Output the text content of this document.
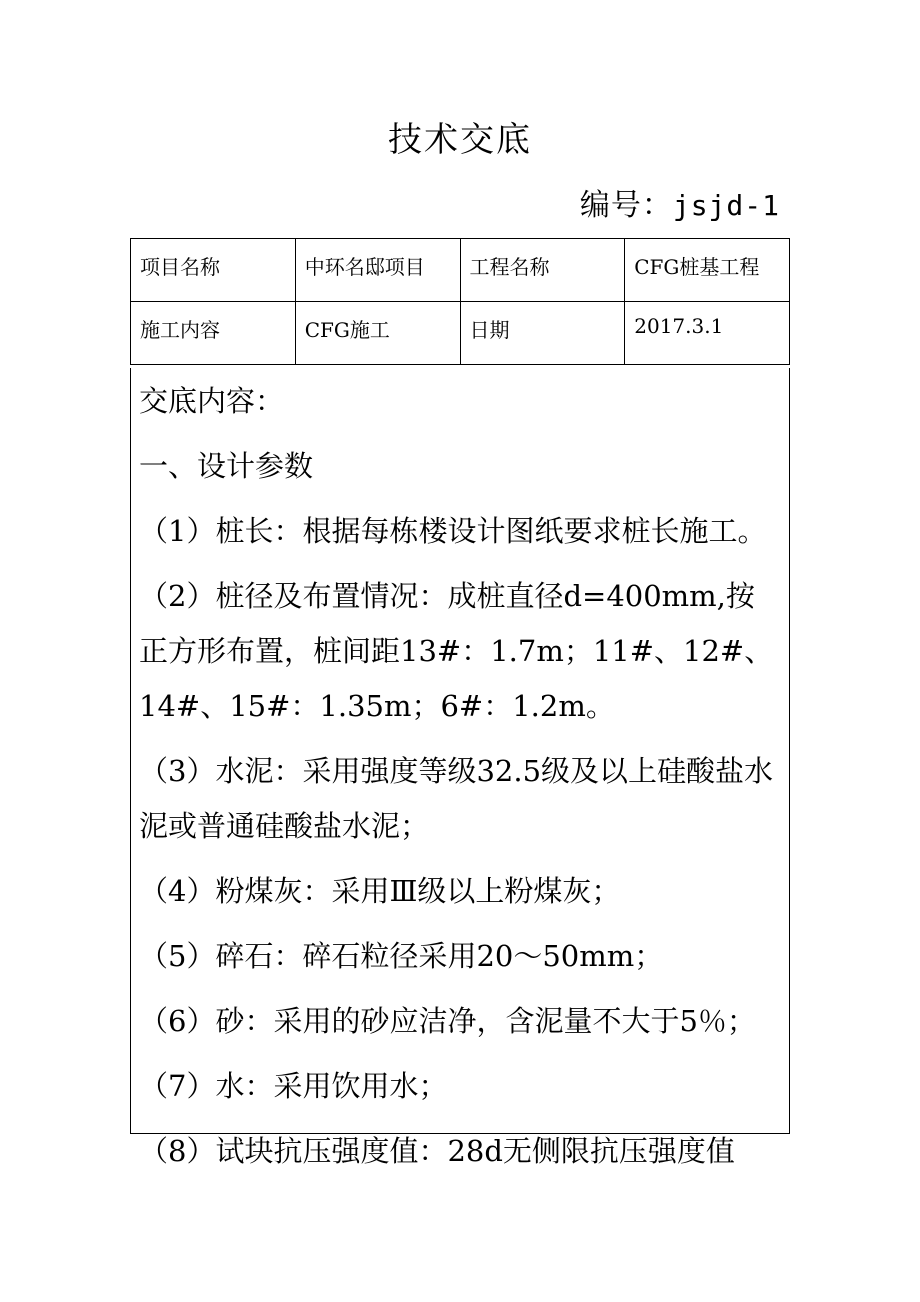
技术交底
编号：jsjd-1
项目名称	中环名邸项目	工程名称	CFG桩基工程
施工内容	CFG施工	日期	2017.3.1

交底内容：

一、设计参数

（1）桩长：根据每栋楼设计图纸要求桩长施工。

（2）桩径及布置情况：成桩直径d=400mm,按正方形布置，桩间距13#：1.7m；11#、12#、14#、15#：1.35m；6#：1.2m。

（3）水泥：采用强度等级32.5级及以上硅酸盐水泥或普通硅酸盐水泥；

（4）粉煤灰：采用Ⅲ级以上粉煤灰；

（5）碎石：碎石粒径采用20～50mm；

（6）砂：采用的砂应洁净，含泥量不大于5％；

（7）水：采用饮用水；

（8）试块抗压强度值：28d无侧限抗压强度值
